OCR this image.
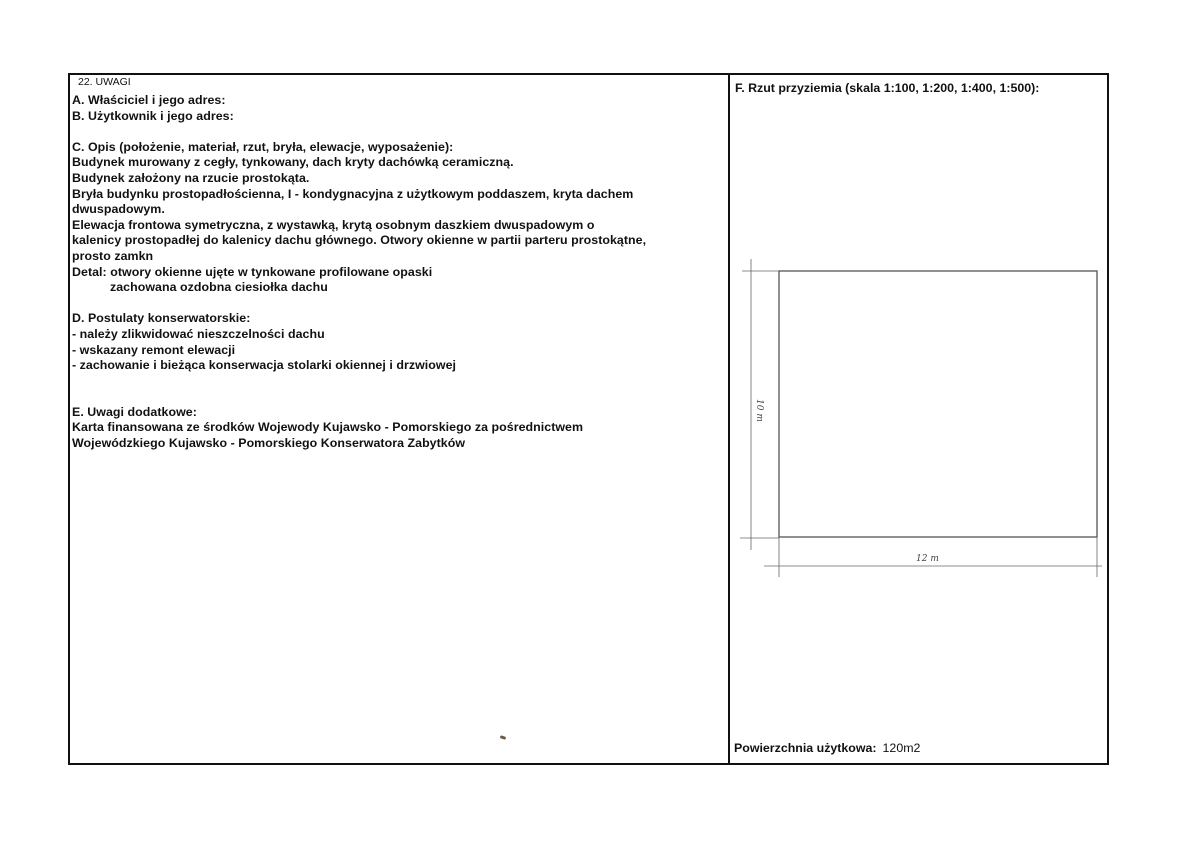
22. UWAGI
A. Właściciel i jego adres:
B. Użytkownik i jego adres:
C. Opis (położenie, materiał, rzut, bryła, elewacje, wyposażenie):
Budynek murowany z cegły, tynkowany, dach kryty dachówką ceramiczną.
Budynek założony na rzucie prostokąta.
Bryła budynku prostopadłościenna, I - kondygnacyjna z użytkowym poddaszem, kryta dachem
dwuspadowym.
Elewacja frontowa symetryczna, z wystawką, krytą osobnym daszkiem dwuspadowym o
kalenicy prostopadłej do kalenicy dachu głównego. Otwory okienne w partii parteru prostokątne,
prosto zamkn
Detal: otwory okienne ujęte w tynkowane profilowane opaski
zachowana ozdobna ciesiołka dachu
D. Postulaty konserwatorskie:
- należy zlikwidować nieszczelności dachu
- wskazany remont elewacji
- zachowanie i bieżąca konserwacja stolarki okiennej i drzwiowej
E. Uwagi dodatkowe:
Karta finansowana ze środków Wojewody Kujawsko - Pomorskiego za pośrednictwem
Wojewódzkiego Kujawsko - Pomorskiego Konserwatora Zabytków
F. Rzut przyziemia (skala 1:100, 1:200, 1:400, 1:500):
12 m
10 m
Powierzchnia użytkowa: 120m2
